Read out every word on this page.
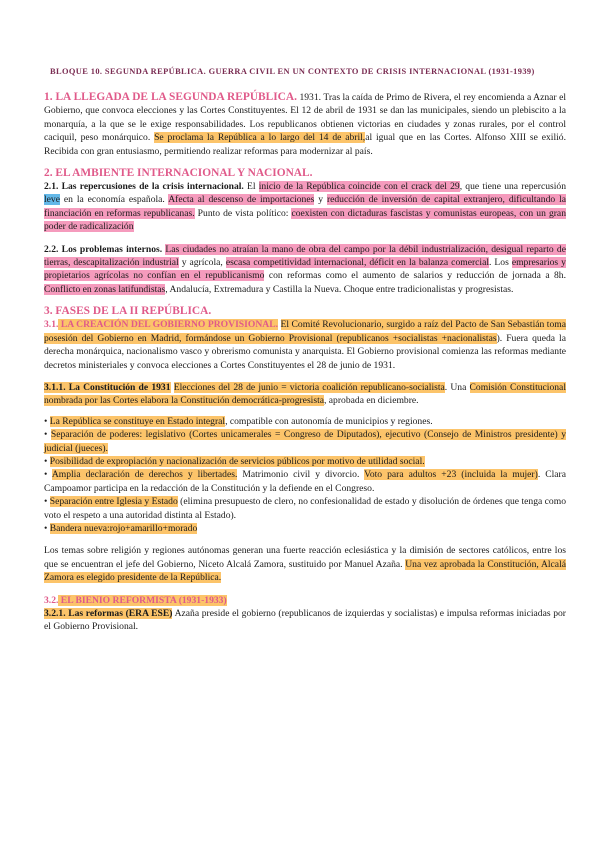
BLOQUE 10. SEGUNDA REPÚBLICA. GUERRA CIVIL EN UN CONTEXTO DE CRISIS INTERNACIONAL (1931-1939)

1. LA LLEGADA DE LA SEGUNDA REPÚBLICA. 1931. Tras la caída de Primo de Rivera, el rey encomienda a Aznar el Gobierno, que convoca elecciones y las Cortes Constituyentes. El 12 de abril de 1931 se dan las municipales, siendo un plebiscito a la monarquía, a la que se le exige responsabilidades. Los republicanos obtienen victorias en ciudades y zonas rurales, por el control caciquil, peso monárquico. Se proclama la República a lo largo del 14 de abril,al igual que en las Cortes. Alfonso XIII se exilió. Recibida con gran entusiasmo, permitiendo realizar reformas para modernizar al país.

2. EL AMBIENTE INTERNACIONAL Y NACIONAL.

2.1. Las repercusiones de la crisis internacional. El inicio de la República coincide con el crack del 29, que tiene una repercusión leve en la economía española. Afecta al descenso de importaciones y reducción de inversión de capital extranjero, dificultando la financiación en reformas republicanas. Punto de vista político: coexisten con dictaduras fascistas y comunistas europeas, con un gran poder de radicalización

2.2. Los problemas internos. Las ciudades no atraían la mano de obra del campo por la débil industrialización, desigual reparto de tierras, descapitalización industrial y agrícola, escasa competitividad internacional, déficit en la balanza comercial. Los empresarios y propietarios agrícolas no confían en el republicanismo con reformas como el aumento de salarios y reducción de jornada a 8h. Conflicto en zonas latifundistas, Andalucía, Extremadura y Castilla la Nueva. Choque entre tradicionalistas y progresistas.

3. FASES DE LA II REPÚBLICA.

3.1. LA CREACIÓN DEL GOBIERNO PROVISIONAL. El Comité Revolucionario, surgido a raíz del Pacto de San Sebastián toma posesión del Gobierno en Madrid, formándose un Gobierno Provisional (republicanos +socialistas +nacionalistas). Fuera queda la derecha monárquica, nacionalismo vasco y obrerismo comunista y anarquista. El Gobierno provisional comienza las reformas mediante decretos ministeriales y convoca elecciones a Cortes Constituyentes el 28 de junio de 1931.

3.1.1. La Constitución de 1931 Elecciones del 28 de junio = victoria coalición republicano-socialista. Una Comisión Constitucional nombrada por las Cortes elabora la Constitución democrática-progresista, aprobada en diciembre.

• La República se constituye en Estado integral, compatible con autonomía de municipios y regiones.

• Separación de poderes: legislativo (Cortes unicamerales = Congreso de Diputados), ejecutivo (Consejo de Ministros presidente) y judicial (jueces).

• Posibilidad de expropiación y nacionalización de servicios públicos por motivo de utilidad social.

• Amplia declaración de derechos y libertades. Matrimonio civil y divorcio. Voto para adultos +23 (incluida la mujer). Clara Campoamor participa en la redacción de la Constitución y la defiende en el Congreso.

• Separación entre Iglesia y Estado (elimina presupuesto de clero, no confesionalidad de estado y disolución de órdenes que tenga como voto el respeto a una autoridad distinta al Estado).

• Bandera nueva:rojo+amarillo+morado

Los temas sobre religión y regiones autónomas generan una fuerte reacción eclesiástica y la dimisión de sectores católicos, entre los que se encuentran el jefe del Gobierno, Niceto Alcalá Zamora, sustituido por Manuel Azaña. Una vez aprobada la Constitución, Alcalá Zamora es elegido presidente de la República.

3.2. EL BIENIO REFORMISTA (1931-1933)

3.2.1. Las reformas (ERA ESE) Azaña preside el gobierno (republicanos de izquierdas y socialistas) e impulsa reformas iniciadas por el Gobierno Provisional.
